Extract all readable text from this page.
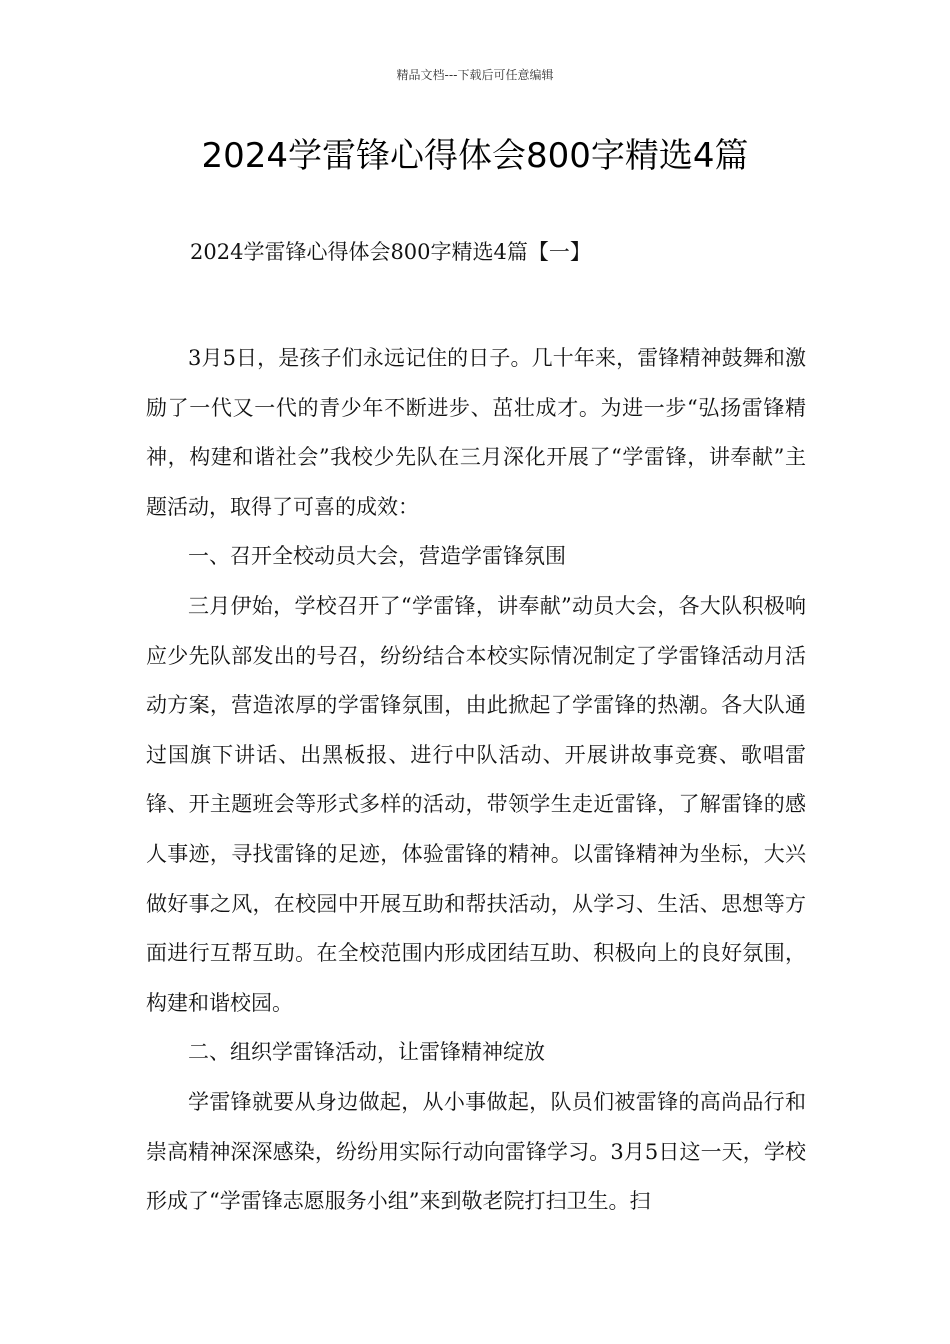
精品文档---下载后可任意编辑
2024学雷锋心得体会800字精选4篇
2024学雷锋心得体会800字精选4篇【一】

3月5日，是孩子们永远记住的日子。几十年来，雷锋精神鼓舞和激励了一代又一代的青少年不断进步、茁壮成才。为进一步“弘扬雷锋精神，构建和谐社会”我校少先队在三月深化开展了“学雷锋，讲奉献”主题活动，取得了可喜的成效：

一、召开全校动员大会，营造学雷锋氛围

三月伊始，学校召开了“学雷锋，讲奉献”动员大会，各大队积极响应少先队部发出的号召，纷纷结合本校实际情况制定了学雷锋活动月活动方案，营造浓厚的学雷锋氛围，由此掀起了学雷锋的热潮。各大队通过国旗下讲话、出黑板报、进行中队活动、开展讲故事竞赛、歌唱雷锋、开主题班会等形式多样的活动，带领学生走近雷锋，了解雷锋的感人事迹，寻找雷锋的足迹，体验雷锋的精神。以雷锋精神为坐标，大兴做好事之风，在校园中开展互助和帮扶活动，从学习、生活、思想等方面进行互帮互助。在全校范围内形成团结互助、积极向上的良好氛围，构建和谐校园。

二、组织学雷锋活动，让雷锋精神绽放

学雷锋就要从身边做起，从小事做起，队员们被雷锋的高尚品行和崇高精神深深感染，纷纷用实际行动向雷锋学习。3月5日这一天，学校形成了“学雷锋志愿服务小组”来到敬老院打扫卫生。扫
